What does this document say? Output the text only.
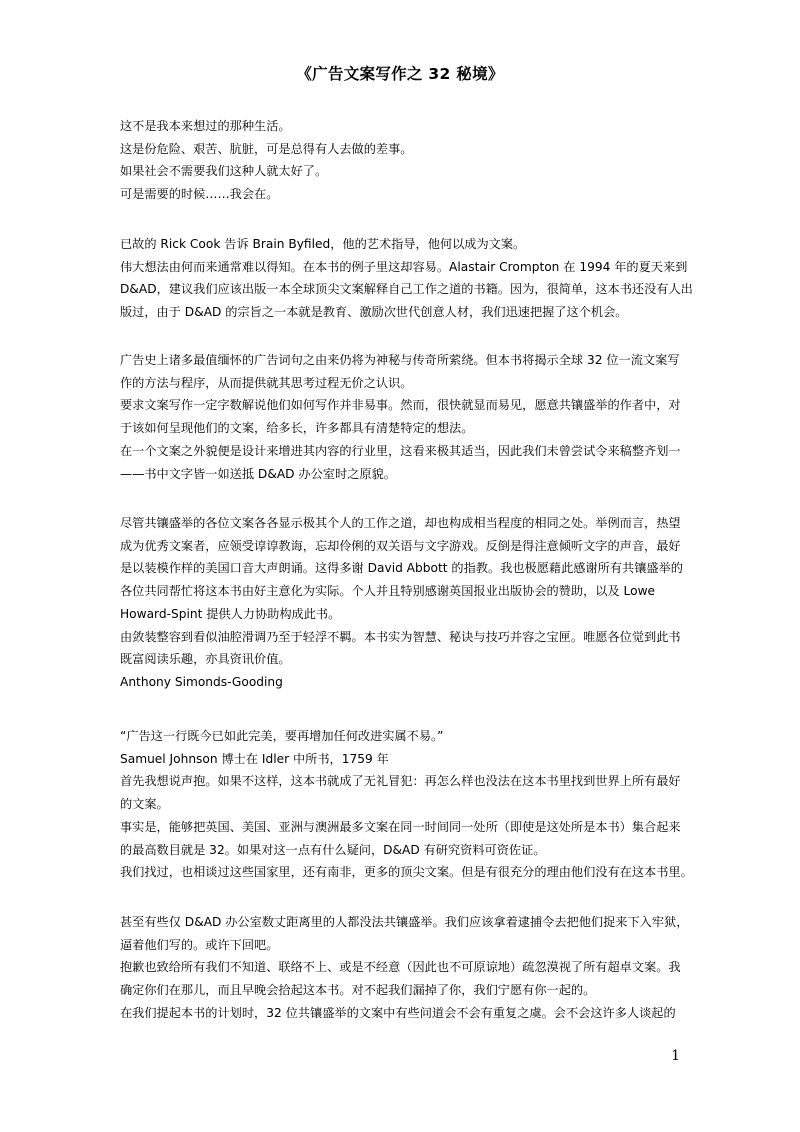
《广告文案写作之 32 秘境》
这不是我本来想过的那种生活。
这是份危险、艰苦、肮脏，可是总得有人去做的差事。
如果社会不需要我们这种人就太好了。
可是需要的时候……我会在。
已故的 Rick Cook 告诉 Brain Byfiled，他的艺术指导，他何以成为文案。
伟大想法由何而来通常难以得知。在本书的例子里这却容易。Alastair Crompton 在 1994 年的夏天来到
D&AD，建议我们应该出版一本全球顶尖文案解释自己工作之道的书籍。因为，很简单，这本书还没有人出
版过，由于 D&AD 的宗旨之一本就是教育、激励次世代创意人材，我们迅速把握了这个机会。
广告史上诸多最值缅怀的广告词句之由来仍将为神秘与传奇所萦绕。但本书将揭示全球 32 位一流文案写
作的方法与程序，从而提供就其思考过程无价之认识。
要求文案写作一定字数解说他们如何写作并非易事。然而，很快就显而易见，愿意共镶盛举的作者中，对
于该如何呈现他们的文案，给多长，许多都具有清楚特定的想法。
在一个文案之外貌便是设计来增进其内容的行业里，这看来极其适当，因此我们未曾尝试令来稿整齐划一
——书中文字皆一如送抵 D&AD 办公室时之原貌。
尽管共镶盛举的各位文案各各显示极其个人的工作之道，却也构成相当程度的相同之处。举例而言，热望
成为优秀文案者，应领受谆谆教诲，忘却伶俐的双关语与文字游戏。反倒是得注意倾听文字的声音，最好
是以装模作样的美国口音大声朗诵。这得多谢 David Abbott 的指教。我也极愿藉此感谢所有共镶盛举的
各位共同帮忙将这本书由好主意化为实际。个人并且特别感谢英国报业出版协会的赞助，以及 Lowe
Howard-Spint 提供人力协助构成此书。
由敛装整容到看似油腔滑调乃至于轻浮不羁。本书实为智慧、秘诀与技巧并容之宝匣。唯愿各位觉到此书
既富阅读乐趣，亦具资讯价值。
Anthony Simonds-Gooding
“广告这一行既今已如此完美，要再增加任何改进实属不易。”
Samuel Johnson 博士在 Idler 中所书，1759 年
首先我想说声抱。如果不这样，这本书就成了无礼冒犯：再怎么样也没法在这本书里找到世界上所有最好
的文案。
事实是，能够把英国、美国、亚洲与澳洲最多文案在同一时间同一处所（即使是这处所是本书）集合起来
的最高数目就是 32。如果对这一点有什么疑问，D&AD 有研究资料可资佐证。
我们找过，也相谈过这些国家里，还有南非，更多的顶尖文案。但是有很充分的理由他们没有在这本书里。
甚至有些仅 D&AD 办公室数丈距离里的人都没法共镶盛举。我们应该拿着逮捕令去把他们捉来下入牢狱，
逼着他们写的。或许下回吧。
抱歉也致给所有我们不知道、联络不上、或是不经意（因此也不可原谅地）疏忽漠视了所有超卓文案。我
确定你们在那儿，而且早晚会拾起这本书。对不起我们漏掉了你，我们宁愿有你一起的。
在我们提起本书的计划时，32 位共镶盛举的文案中有些问道会不会有重复之虞。会不会这许多人谈起的
1
